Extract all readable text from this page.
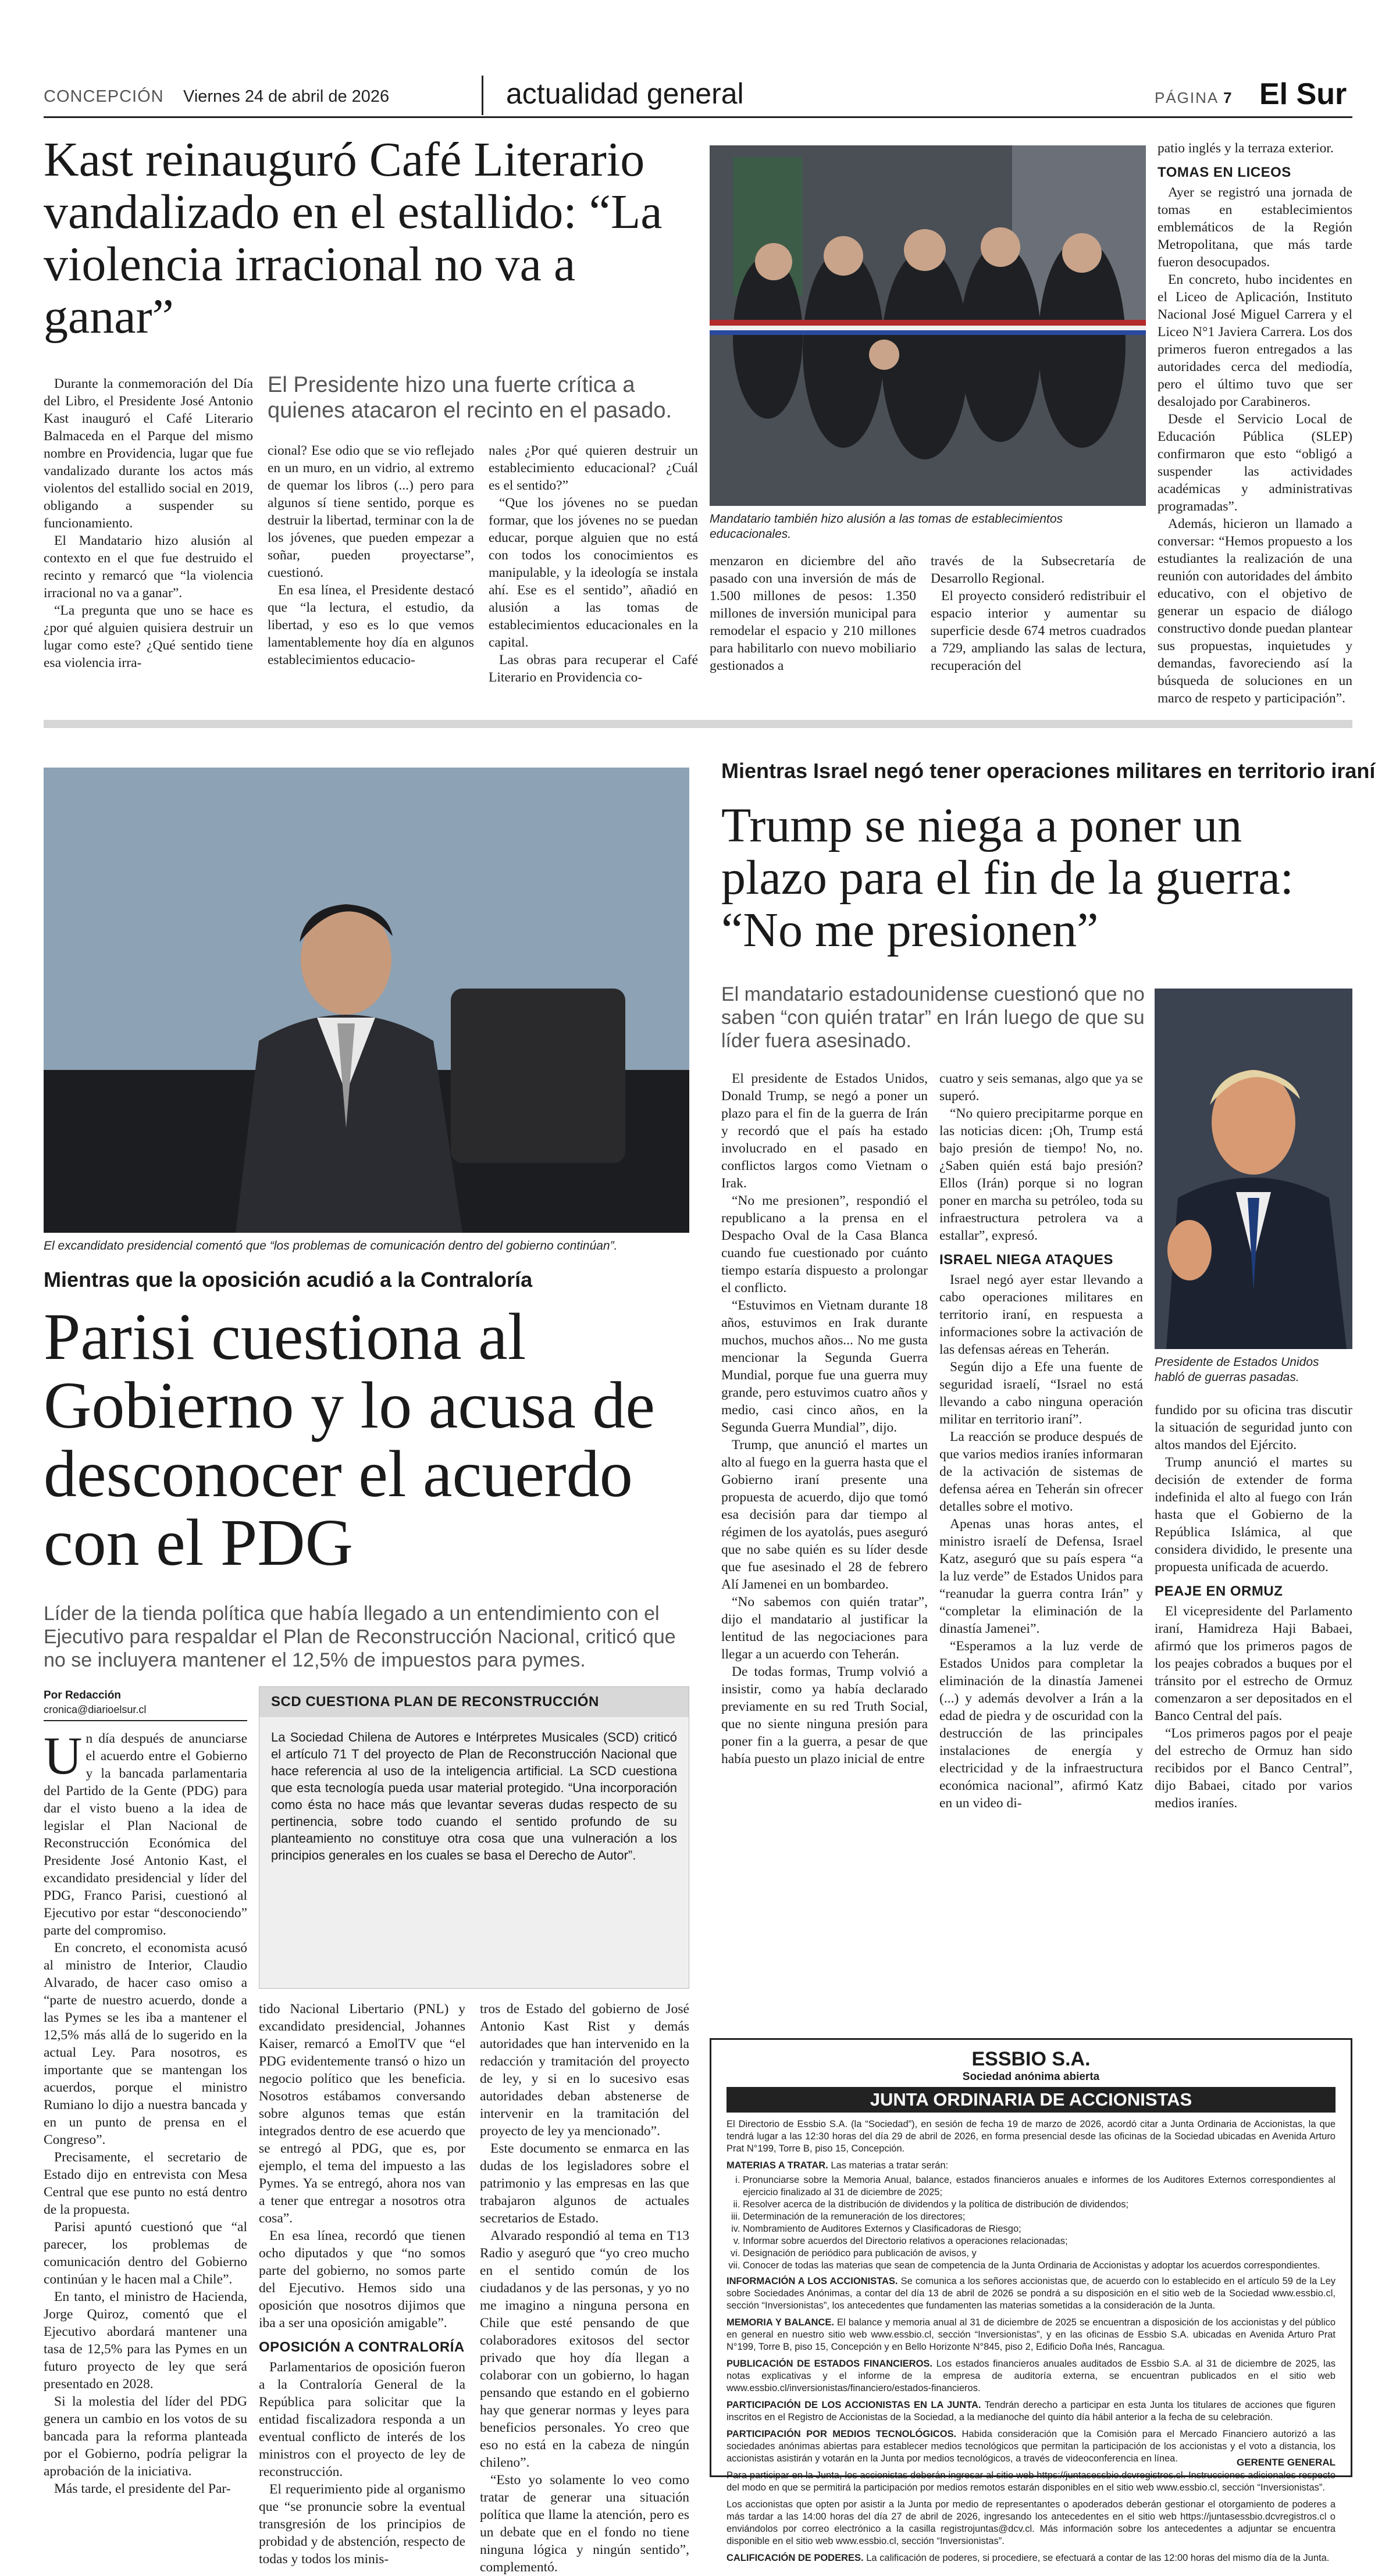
CONCEPCIÓN Viernes 24 de abril de 2026	actualidad general	PÁGINA 7 El Sur
Kast reinauguró Café Literario vandalizado en el estallido: “La violencia irracional no va a ganar”

Durante la conmemoración del Día del Libro, el Presidente José Antonio Kast inauguró el Café Literario Balmaceda en el Parque del mismo nombre en Providencia, lugar que fue vandalizado durante los actos más violentos del estallido social en 2019, obligando a suspender su funcionamiento.

El Mandatario hizo alusión al contexto en el que fue destruido el recinto y remarcó que “la violencia irracional no va a ganar”.

“La pregunta que uno se hace es ¿por qué alguien quisiera destruir un lugar como este? ¿Qué sentido tiene esa violencia irra-

El Presidente hizo una fuerte crítica a quienes atacaron el recinto en el pasado.

cional? Ese odio que se vio reflejado en un muro, en un vidrio, al extremo de quemar los libros (...) pero para algunos sí tiene sentido, porque es destruir la libertad, terminar con la de los jóvenes, que pueden empezar a soñar, pueden proyectarse”, cuestionó.

En esa línea, el Presidente destacó que “la lectura, el estudio, da libertad, y eso es lo que vemos lamentablemente hoy día en algunos establecimientos educacio-

nales ¿Por qué quieren destruir un establecimiento educacional? ¿Cuál es el sentido?”

“Que los jóvenes no se puedan formar, que los jóvenes no se puedan educar, porque alguien que no está con todos los conocimientos es manipulable, y la ideología se instala ahí. Ese es el sentido”, añadió en alusión a las tomas de establecimientos educacionales en la capital.

Las obras para recuperar el Café Literario en Providencia co-

Mandatario también hizo alusión a las tomas de establecimientos educacionales.

menzaron en diciembre del año pasado con una inversión de más de 1.500 millones de pesos: 1.350 millones de inversión municipal para remodelar el espacio y 210 millones para habilitarlo con nuevo mobiliario gestionados a

través de la Subsecretaría de Desarrollo Regional.

El proyecto consideró redistribuir el espacio interior y aumentar su superficie desde 674 metros cuadrados a 729, ampliando las salas de lectura, recuperación del

patio inglés y la terraza exterior.

TOMAS EN LICEOS

Ayer se registró una jornada de tomas en establecimientos emblemáticos de la Región Metropolitana, que más tarde fueron desocupados.

En concreto, hubo incidentes en el Liceo de Aplicación, Instituto Nacional José Miguel Carrera y el Liceo N°1 Javiera Carrera. Los dos primeros fueron entregados a las autoridades cerca del mediodía, pero el último tuvo que ser desalojado por Carabineros.

Desde el Servicio Local de Educación Pública (SLEP) confirmaron que esto “obligó a suspender las actividades académicas y administrativas programadas”.

Además, hicieron un llamado a conversar: “Hemos propuesto a los estudiantes la realización de una reunión con autoridades del ámbito educativo, con el objetivo de generar un espacio de diálogo constructivo donde puedan plantear sus propuestas, inquietudes y demandas, favoreciendo así la búsqueda de soluciones en un marco de respeto y participación”.

El excandidato presidencial comentó que “los problemas de comunicación dentro del gobierno continúan”.
Mientras que la oposición acudió a la Contraloría
Parisi cuestiona al Gobierno y lo acusa de desconocer el acuerdo con el PDG
Líder de la tienda política que había llegado a un entendimiento con el Ejecutivo para respaldar el Plan de Reconstrucción Nacional, criticó que no se incluyera mantener el 12,5% de impuestos para pymes.
Por Redacción
cronica@diarioelsur.cl

Un día después de anunciarse el acuerdo entre el Gobierno y la bancada parlamentaria del Partido de la Gente (PDG) para dar el visto bueno a la idea de legislar el Plan Nacional de Reconstrucción Económica del Presidente José Antonio Kast, el excandidato presidencial y líder del PDG, Franco Parisi, cuestionó al Ejecutivo por estar “desconociendo” parte del compromiso.

En concreto, el economista acusó al ministro de Interior, Claudio Alvarado, de hacer caso omiso a “parte de nuestro acuerdo, donde a las Pymes se les iba a mantener el 12,5% más allá de lo sugerido en la actual Ley. Para nosotros, es importante que se mantengan los acuerdos, porque el ministro Rumiano lo dijo a nuestra bancada y en un punto de prensa en el Congreso”.

Precisamente, el secretario de Estado dijo en entrevista con Mesa Central que ese punto no está dentro de la propuesta.

Parisi apuntó cuestionó que “al parecer, los problemas de comunicación dentro del Gobierno continúan y le hacen mal a Chile”.

En tanto, el ministro de Hacienda, Jorge Quiroz, comentó que el Ejecutivo abordará mantener una tasa de 12,5% para las Pymes en un futuro proyecto de ley que será presentado en 2028.

Si la molestia del líder del PDG genera un cambio en los votos de su bancada para la reforma planteada por el Gobierno, podría peligrar la aprobación de la iniciativa.

Más tarde, el presidente del Par-

SCD CUESTIONA PLAN DE RECONSTRUCCIÓN
La Sociedad Chilena de Autores e Intérpretes Musicales (SCD) criticó el artículo 71 T del proyecto de Plan de Reconstrucción Nacional que hace referencia al uso de la inteligencia artificial. La SCD cuestiona que esta tecnología pueda usar material protegido. “Una incorporación como ésta no hace más que levantar severas dudas respecto de su pertinencia, sobre todo cuando el sentido profundo de su planteamiento no constituye otra cosa que una vulneración a los principios generales en los cuales se basa el Derecho de Autor”.

tido Nacional Libertario (PNL) y excandidato presidencial, Johannes Kaiser, remarcó a EmolTV que “el PDG evidentemente transó o hizo un negocio político que les beneficia. Nosotros estábamos conversando sobre algunos temas que están integrados dentro de ese acuerdo que se entregó al PDG, que es, por ejemplo, el tema del impuesto a las Pymes. Ya se entregó, ahora nos van a tener que entregar a nosotros otra cosa”.

En esa línea, recordó que tienen ocho diputados y que “no somos parte del gobierno, no somos parte del Ejecutivo. Hemos sido una oposición que nosotros dijimos que iba a ser una oposición amigable”.

OPOSICIÓN A CONTRALORÍA

Parlamentarios de oposición fueron a la Contraloría General de la República para solicitar que la entidad fiscalizadora responda a un eventual conflicto de interés de los ministros con el proyecto de ley de reconstrucción.

El requerimiento pide al organismo que “se pronuncie sobre la eventual transgresión de los principios de probidad y de abstención, respecto de todas y todos los minis-

tros de Estado del gobierno de José Antonio Kast Rist y demás autoridades que han intervenido en la redacción y tramitación del proyecto de ley, y si en lo sucesivo esas autoridades deban abstenerse de intervenir en la tramitación del proyecto de ley ya mencionado”.

Este documento se enmarca en las dudas de los legisladores sobre el patrimonio y las empresas en las que trabajaron algunos de actuales secretarios de Estado.

Alvarado respondió al tema en T13 Radio y aseguró que “yo creo mucho en el sentido común de los ciudadanos y de las personas, y yo no me imagino a ninguna persona en Chile que esté pensando de que colaboradores exitosos del sector privado que hoy día llegan a colaborar con un gobierno, lo hagan pensando que estando en el gobierno hay que generar normas y leyes para beneficios personales. Yo creo que eso no está en la cabeza de ningún chileno”.

“Esto yo solamente lo veo como tratar de generar una situación política que llame la atención, pero es un debate que en el fondo no tiene ninguna lógica y ningún sentido”, complementó.

Mientras Israel negó tener operaciones militares en territorio iraní
Trump se niega a poner un plazo para el fin de la guerra: “No me presionen”
El mandatario estadounidense cuestionó que no saben “con quién tratar” en Irán luego de que su líder fuera asesinado.
Presidente de Estados Unidos habló de guerras pasadas.

El presidente de Estados Unidos, Donald Trump, se negó a poner un plazo para el fin de la guerra de Irán y recordó que el país ha estado involucrado en el pasado en conflictos largos como Vietnam o Irak.

“No me presionen”, respondió el republicano a la prensa en el Despacho Oval de la Casa Blanca cuando fue cuestionado por cuánto tiempo estaría dispuesto a prolongar el conflicto.

“Estuvimos en Vietnam durante 18 años, estuvimos en Irak durante muchos, muchos años... No me gusta mencionar la Segunda Guerra Mundial, porque fue una guerra muy grande, pero estuvimos cuatro años y medio, casi cinco años, en la Segunda Guerra Mundial”, dijo.

Trump, que anunció el martes un alto al fuego en la guerra hasta que el Gobierno iraní presente una propuesta de acuerdo, dijo que tomó esa decisión para dar tiempo al régimen de los ayatolás, pues aseguró que no sabe quién es su líder desde que fue asesinado el 28 de febrero Alí Jamenei en un bombardeo.

“No sabemos con quién tratar”, dijo el mandatario al justificar la lentitud de las negociaciones para llegar a un acuerdo con Teherán.

De todas formas, Trump volvió a insistir, como ya había declarado previamente en su red Truth Social, que no siente ninguna presión para poner fin a la guerra, a pesar de que había puesto un plazo inicial de entre

cuatro y seis semanas, algo que ya se superó.

“No quiero precipitarme porque en las noticias dicen: ¡Oh, Trump está bajo presión de tiempo! No, no. ¿Saben quién está bajo presión? Ellos (Irán) porque si no logran poner en marcha su petróleo, toda su infraestructura petrolera va a estallar”, expresó.

ISRAEL NIEGA ATAQUES

Israel negó ayer estar llevando a cabo operaciones militares en territorio iraní, en respuesta a informaciones sobre la activación de las defensas aéreas en Teherán.

Según dijo a Efe una fuente de seguridad israelí, “Israel no está llevando a cabo ninguna operación militar en territorio iraní”.

La reacción se produce después de que varios medios iraníes informaran de la activación de sistemas de defensa aérea en Teherán sin ofrecer detalles sobre el motivo.

Apenas unas horas antes, el ministro israelí de Defensa, Israel Katz, aseguró que su país espera “a la luz verde” de Estados Unidos para “reanudar la guerra contra Irán” y “completar la eliminación de la dinastía Jamenei”.

“Esperamos a la luz verde de Estados Unidos para completar la eliminación de la dinastía Jamenei (...) y además devolver a Irán a la edad de piedra y de oscuridad con la destrucción de las principales instalaciones de energía y electricidad y de la infraestructura económica nacional”, afirmó Katz en un video di-

fundido por su oficina tras discutir la situación de seguridad junto con altos mandos del Ejército.

Trump anunció el martes su decisión de extender de forma indefinida el alto al fuego con Irán hasta que el Gobierno de la República Islámica, al que considera dividido, le presente una propuesta unificada de acuerdo.

PEAJE EN ORMUZ

El vicepresidente del Parlamento iraní, Hamidreza Haji Babaei, afirmó que los primeros pagos de los peajes cobrados a buques por el tránsito por el estrecho de Ormuz comenzaron a ser depositados en el Banco Central del país.

“Los primeros pagos por el peaje del estrecho de Ormuz han sido recibidos por el Banco Central”, dijo Babaei, citado por varios medios iraníes.

ESSBIO S.A.
Sociedad anónima abierta
JUNTA ORDINARIA DE ACCIONISTAS

El Directorio de Essbio S.A. (la “Sociedad”), en sesión de fecha 19 de marzo de 2026, acordó citar a Junta Ordinaria de Accionistas, la que tendrá lugar a las 12:30 horas del día 29 de abril de 2026, en forma presencial desde las oficinas de la Sociedad ubicadas en Avenida Arturo Prat N°199, Torre B, piso 15, Concepción.

MATERIAS A TRATAR. Las materias a tratar serán:

i. Pronunciarse sobre la Memoria Anual, balance, estados financieros anuales e informes de los Auditores Externos correspondientes al ejercicio finalizado al 31 de diciembre de 2025;
ii. Resolver acerca de la distribución de dividendos y la política de distribución de dividendos;
iii. Determinación de la remuneración de los directores;
iv. Nombramiento de Auditores Externos y Clasificadoras de Riesgo;
v. Informar sobre acuerdos del Directorio relativos a operaciones relacionadas;
vi. Designación de periódico para publicación de avisos, y
vii. Conocer de todas las materias que sean de competencia de la Junta Ordinaria de Accionistas y adoptar los acuerdos correspondientes.

INFORMACIÓN A LOS ACCIONISTAS. Se comunica a los señores accionistas que, de acuerdo con lo establecido en el artículo 59 de la Ley sobre Sociedades Anónimas, a contar del día 13 de abril de 2026 se pondrá a su disposición en el sitio web de la Sociedad www.essbio.cl, sección “Inversionistas”, los antecedentes que fundamenten las materias sometidas a la consideración de la Junta.

MEMORIA Y BALANCE. El balance y memoria anual al 31 de diciembre de 2025 se encuentran a disposición de los accionistas y del público en general en nuestro sitio web www.essbio.cl, sección “Inversionistas”, y en las oficinas de Essbio S.A. ubicadas en Avenida Arturo Prat N°199, Torre B, piso 15, Concepción y en Bello Horizonte N°845, piso 2, Edificio Doña Inés, Rancagua.

PUBLICACIÓN DE ESTADOS FINANCIEROS. Los estados financieros anuales auditados de Essbio S.A. al 31 de diciembre de 2025, las notas explicativas y el informe de la empresa de auditoría externa, se encuentran publicados en el sitio web www.essbio.cl/inversionistas/financiero/estados-financieros.

PARTICIPACIÓN DE LOS ACCIONISTAS EN LA JUNTA. Tendrán derecho a participar en esta Junta los titulares de acciones que figuren inscritos en el Registro de Accionistas de la Sociedad, a la medianoche del quinto día hábil anterior a la fecha de su celebración.

PARTICIPACIÓN POR MEDIOS TECNOLÓGICOS. Habida consideración que la Comisión para el Mercado Financiero autorizó a las sociedades anónimas abiertas para establecer medios tecnológicos que permitan la participación de los accionistas y el voto a distancia, los accionistas asistirán y votarán en la Junta por medios tecnológicos, a través de videoconferencia en línea.

Para participar en la Junta, los accionistas deberán ingresar al sitio web https://juntasessbio.dcvregistros.cl. Instrucciones adicionales respecto del modo en que se permitirá la participación por medios remotos estarán disponibles en el sitio web www.essbio.cl, sección “Inversionistas”.

Los accionistas que opten por asistir a la Junta por medio de representantes o apoderados deberán gestionar el otorgamiento de poderes a más tardar a las 14:00 horas del día 27 de abril de 2026, ingresando los antecedentes en el sitio web https://juntasessbio.dcvregistros.cl o enviándolos por correo electrónico a la casilla registrojuntas@dcv.cl. Más información sobre los antecedentes a adjuntar se encuentra disponible en el sitio web www.essbio.cl, sección “Inversionistas”.

CALIFICACIÓN DE PODERES. La calificación de poderes, si procediere, se efectuará a contar de las 12:00 horas del mismo día de la Junta.

GERENTE GENERAL
